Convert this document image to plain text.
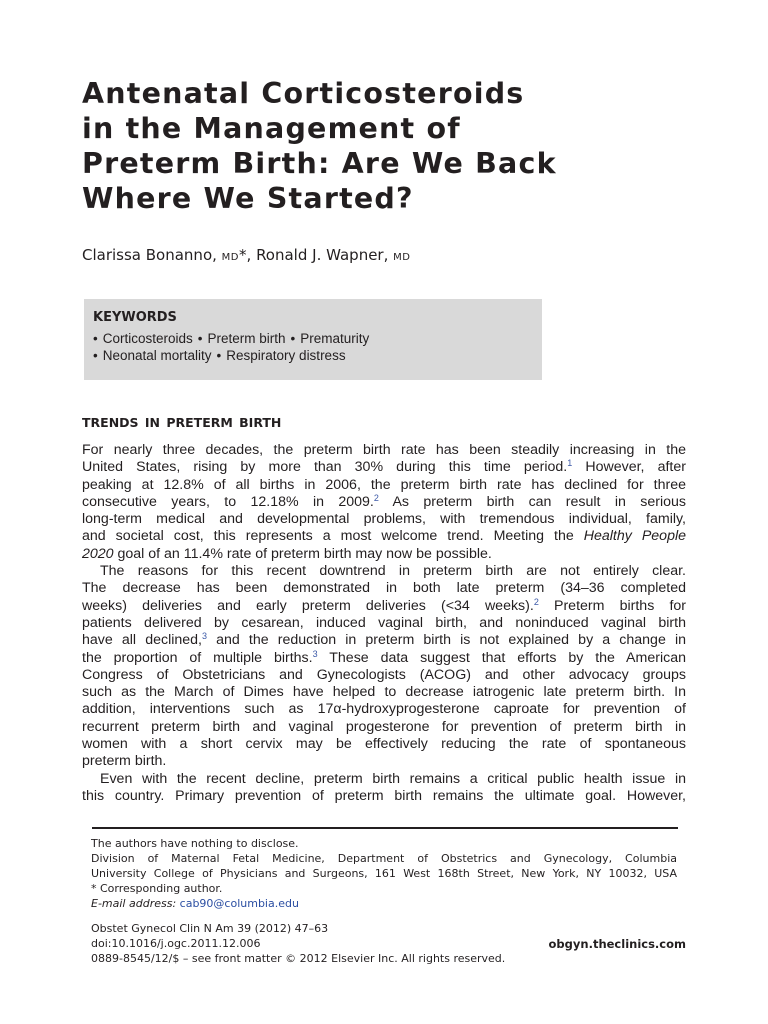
Antenatal Corticosteroids
in the Management of
Preterm Birth: Are We Back
Where We Started?
Clarissa Bonanno, MD*, Ronald J. Wapner, MD
KEYWORDS
• Corticosteroids • Preterm birth • Prematurity
• Neonatal mortality • Respiratory distress
TRENDS IN PRETERM BIRTH
For nearly three decades, the preterm birth rate has been steadily increasing in the
United States, rising by more than 30% during this time period.$^1$ However, after
peaking at 12.8% of all births in 2006, the preterm birth rate has declined for three
consecutive years, to 12.18% in 2009.$^2$ As preterm birth can result in serious
long-term medical and developmental problems, with tremendous individual, family,
and societal cost, this represents a most welcome trend. Meeting the Healthy People
2020 goal of an 11.4% rate of preterm birth may now be possible.
The reasons for this recent downtrend in preterm birth are not entirely clear.
The decrease has been demonstrated in both late preterm (34–36 completed
weeks) deliveries and early preterm deliveries (<34 weeks).$^2$ Preterm births for
patients delivered by cesarean, induced vaginal birth, and noninduced vaginal birth
have all declined,$^3$ and the reduction in preterm birth is not explained by a change in
the proportion of multiple births.$^3$ These data suggest that efforts by the American
Congress of Obstetricians and Gynecologists (ACOG) and other advocacy groups
such as the March of Dimes have helped to decrease iatrogenic late preterm birth. In
addition, interventions such as 17α-hydroxyprogesterone caproate for prevention of
recurrent preterm birth and vaginal progesterone for prevention of preterm birth in
women with a short cervix may be effectively reducing the rate of spontaneous
preterm birth.
Even with the recent decline, preterm birth remains a critical public health issue in
this country. Primary prevention of preterm birth remains the ultimate goal. However,
The authors have nothing to disclose.
Division of Maternal Fetal Medicine, Department of Obstetrics and Gynecology, Columbia
University College of Physicians and Surgeons, 161 West 168th Street, New York, NY 10032, USA
* Corresponding author.
E-mail address: cab90@columbia.edu
Obstet Gynecol Clin N Am 39 (2012) 47–63
doi:10.1016/j.ogc.2011.12.006	obgyn.theclinics.com
0889-8545/12/$ – see front matter © 2012 Elsevier Inc. All rights reserved.
